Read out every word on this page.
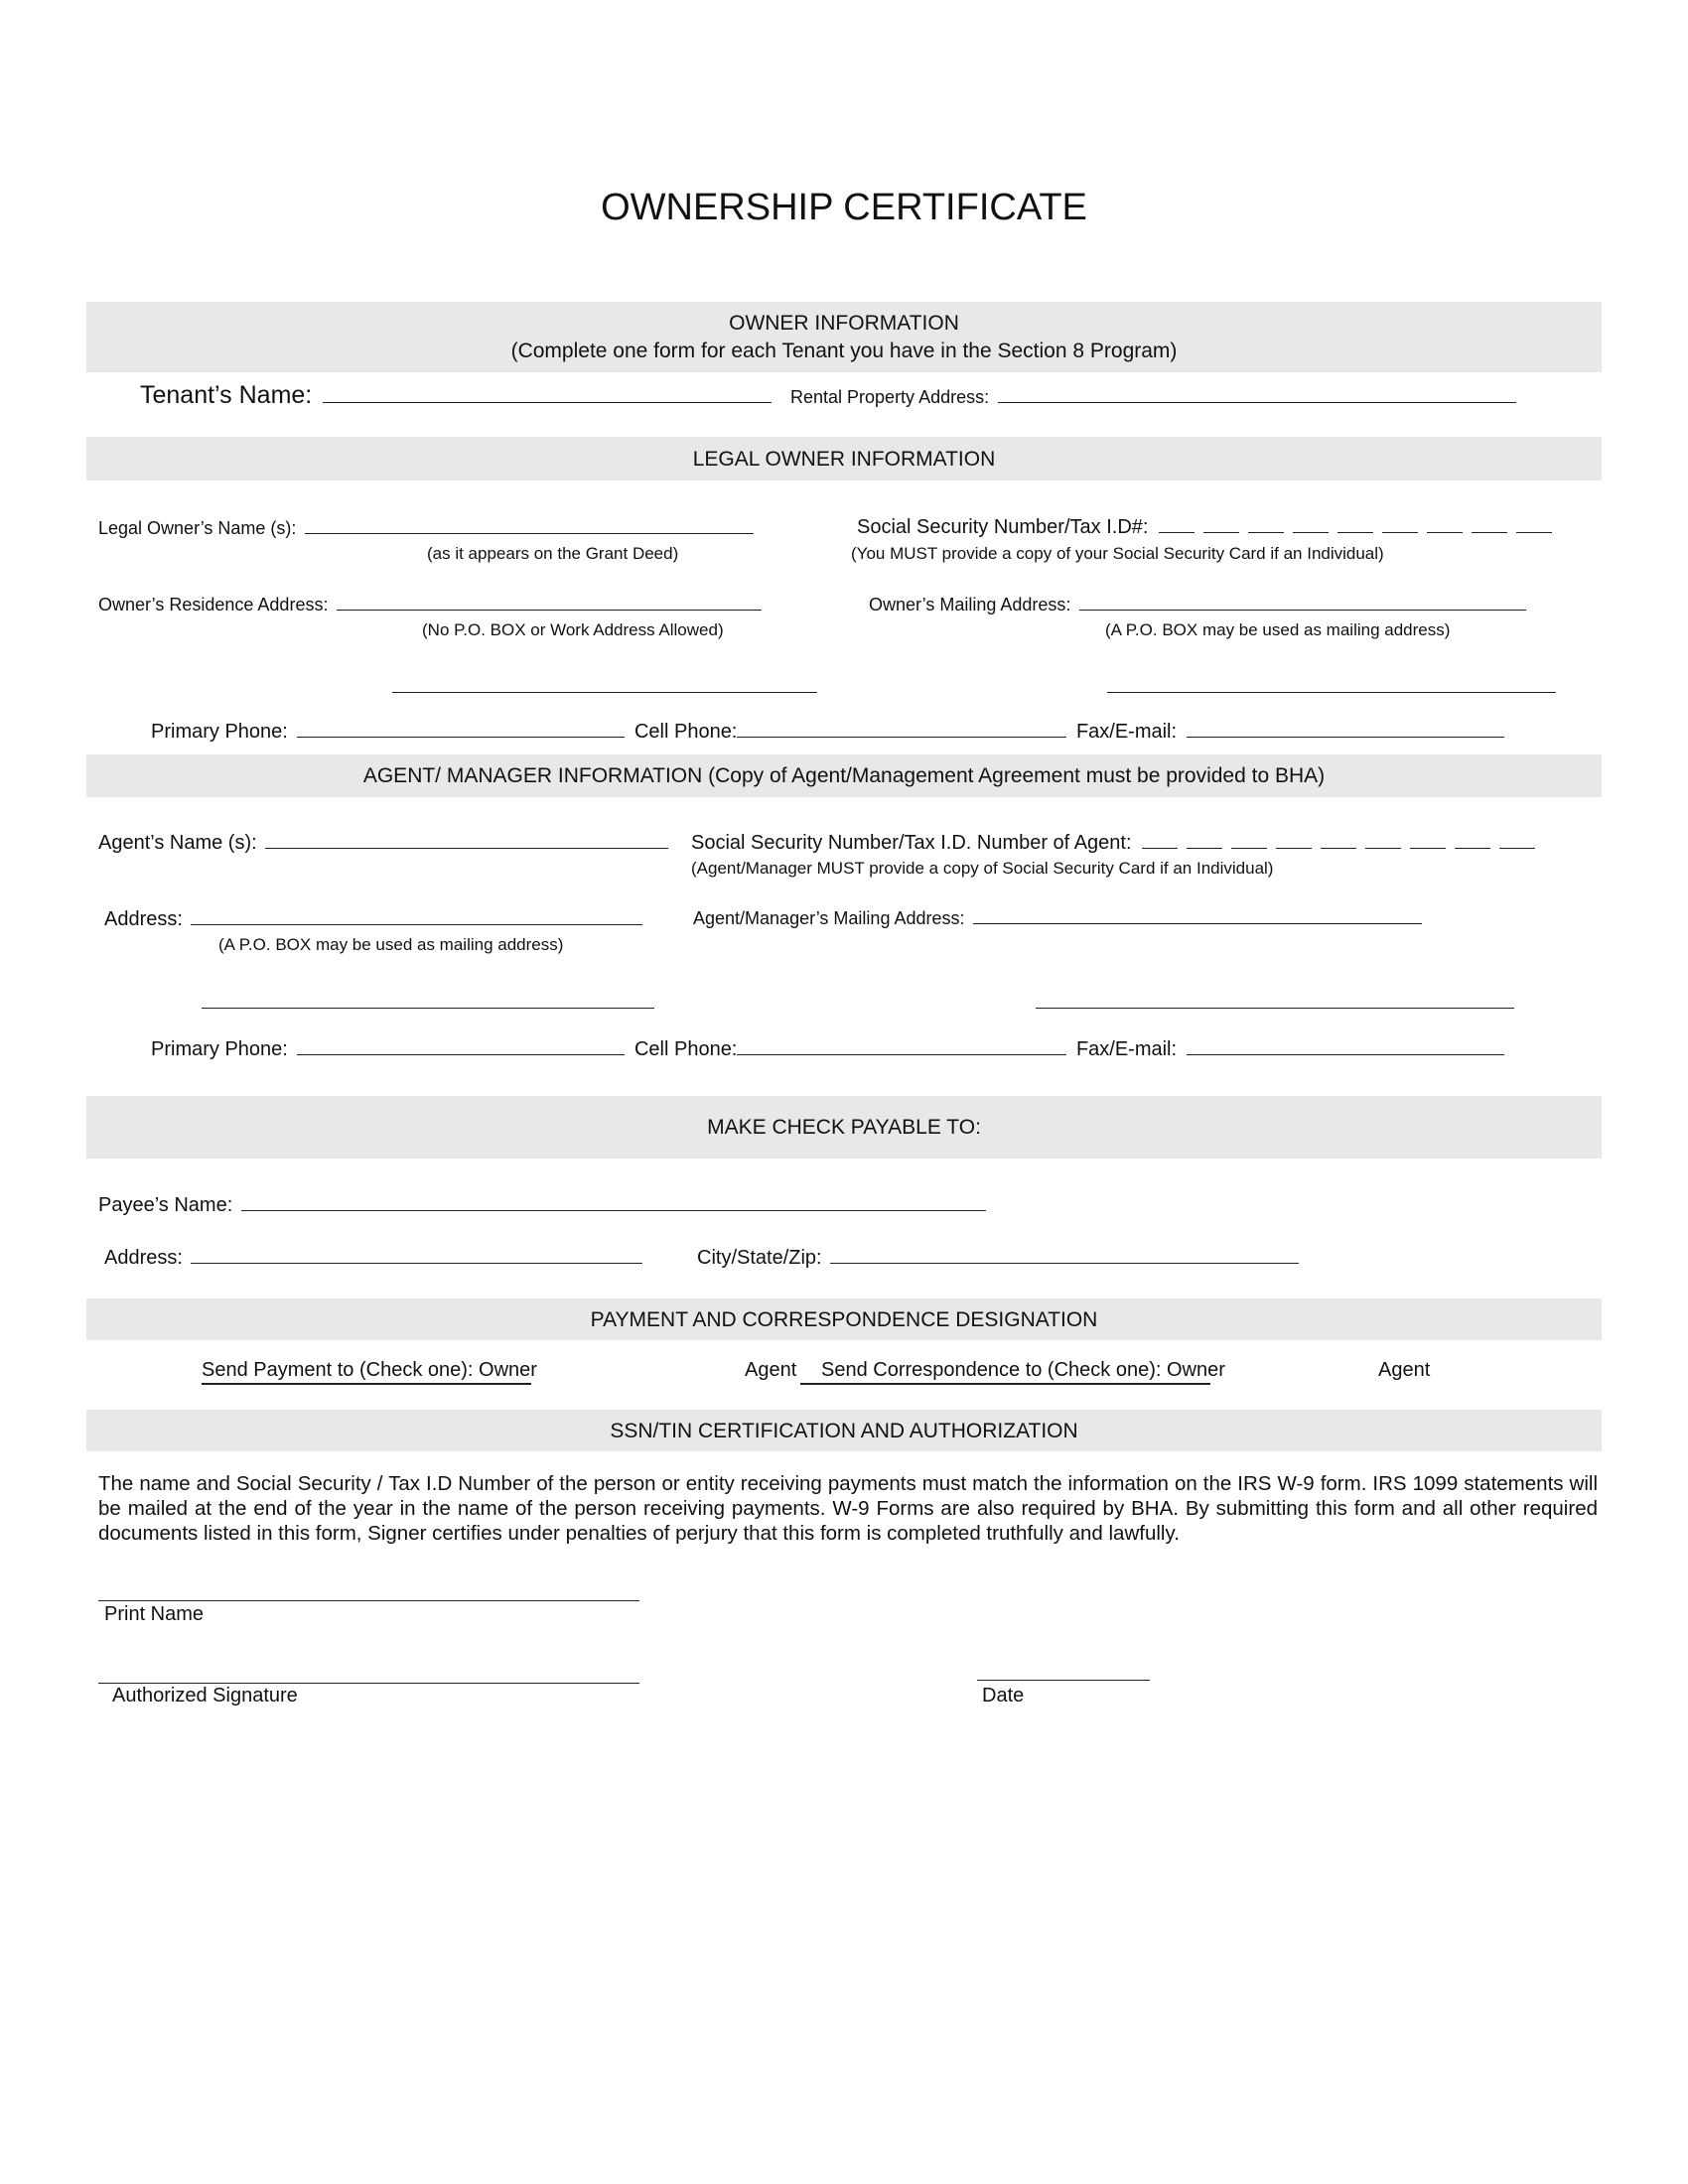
OWNERSHIP CERTIFICATE
OWNER INFORMATION
(Complete one form for each Tenant you have in the Section 8 Program)
Tenant’s Name:	Rental Property Address:
LEGAL OWNER INFORMATION
Legal Owner’s Name (s):
(as it appears on the Grant Deed)
Social Security Number/Tax I.D#:
(You MUST provide a copy of your Social Security Card if an Individual)
Owner’s Residence Address:
(No P.O. BOX or Work Address Allowed)
Owner’s Mailing Address:
(A P.O. BOX may be used as mailing address)
Primary Phone:	Cell Phone:	Fax/E-mail:
AGENT/ MANAGER INFORMATION (Copy of Agent/Management Agreement must be provided to BHA)
Agent’s Name (s):	Social Security Number/Tax I.D. Number of Agent:
(Agent/Manager MUST provide a copy of Social Security Card if an Individual)
Address:
(A P.O. BOX may be used as mailing address)
Agent/Manager’s Mailing Address:
Primary Phone:	Cell Phone:	Fax/E-mail:
MAKE CHECK PAYABLE TO:
Payee’s Name:
Address:	City/State/Zip:
PAYMENT AND CORRESPONDENCE DESIGNATION
Send Payment to (Check one): Owner	Agent Send Correspondence to (Check one): Owner	Agent
SSN/TIN CERTIFICATION AND AUTHORIZATION

The name and Social Security / Tax I.D Number of the person or entity receiving payments must match the information on the IRS W-9 form. IRS 1099 statements will be mailed at the end of the year in the name of the person receiving payments. W-9 Forms are also required by BHA. By submitting this form and all other required documents listed in this form, Signer certifies under penalties of perjury that this form is completed truthfully and lawfully.

Print Name
Authorized Signature	Date
